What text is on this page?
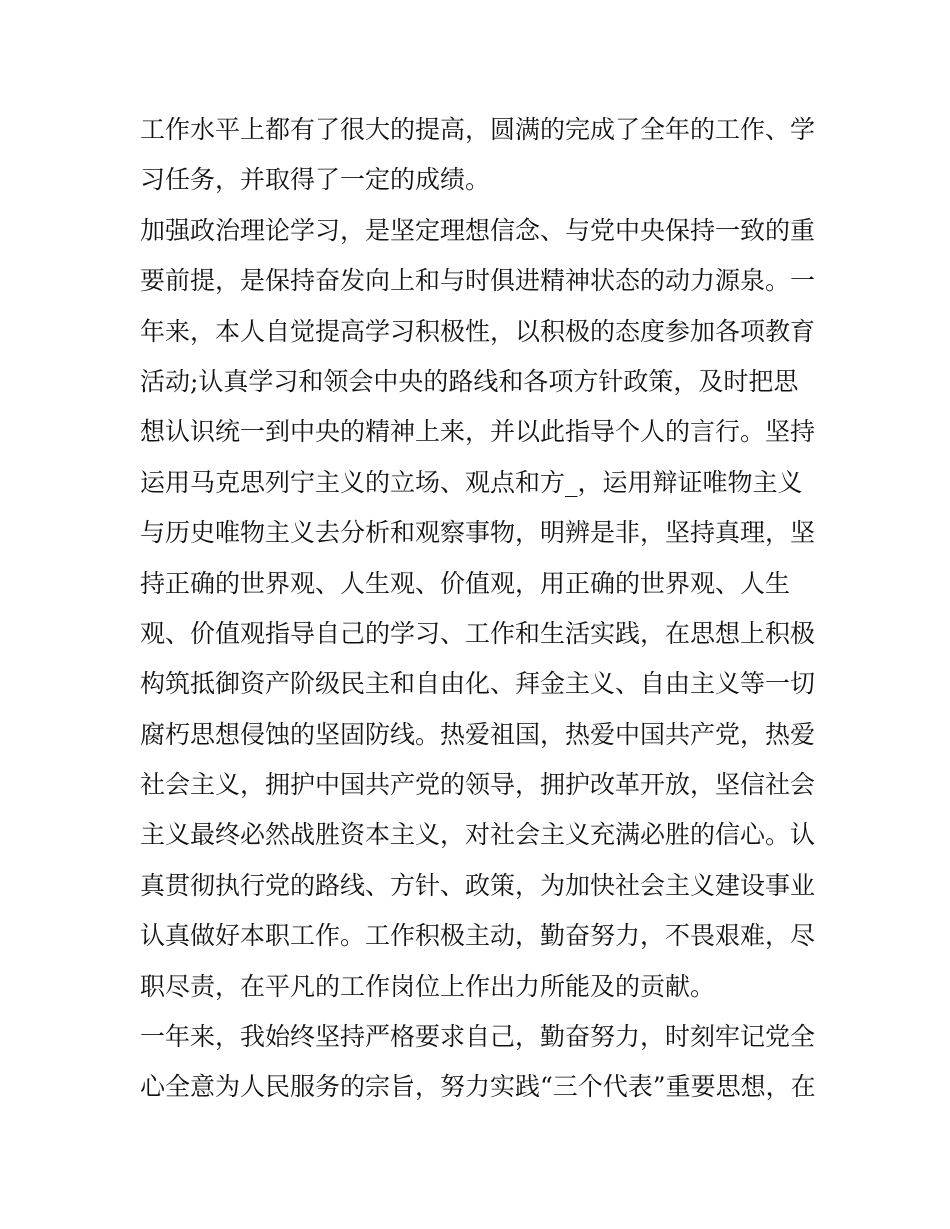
工作水平上都有了很大的提高，圆满的完成了全年的工作、学
习任务，并取得了一定的成绩。
加强政治理论学习，是坚定理想信念、与党中央保持一致的重
要前提，是保持奋发向上和与时俱进精神状态的动力源泉。一
年来，本人自觉提高学习积极性，以积极的态度参加各项教育
活动;认真学习和领会中央的路线和各项方针政策，及时把思
想认识统一到中央的精神上来，并以此指导个人的言行。坚持
运用马克思列宁主义的立场、观点和方_，运用辩证唯物主义
与历史唯物主义去分析和观察事物，明辨是非，坚持真理，坚
持正确的世界观、人生观、价值观，用正确的世界观、人生
观、价值观指导自己的学习、工作和生活实践，在思想上积极
构筑抵御资产阶级民主和自由化、拜金主义、自由主义等一切
腐朽思想侵蚀的坚固防线。热爱祖国，热爱中国共产党，热爱
社会主义，拥护中国共产党的领导，拥护改革开放，坚信社会
主义最终必然战胜资本主义，对社会主义充满必胜的信心。认
真贯彻执行党的路线、方针、政策，为加快社会主义建设事业
认真做好本职工作。工作积极主动，勤奋努力，不畏艰难，尽
职尽责，在平凡的工作岗位上作出力所能及的贡献。
一年来，我始终坚持严格要求自己，勤奋努力，时刻牢记党全
心全意为人民服务的宗旨，努力实践“三个代表”重要思想，在
